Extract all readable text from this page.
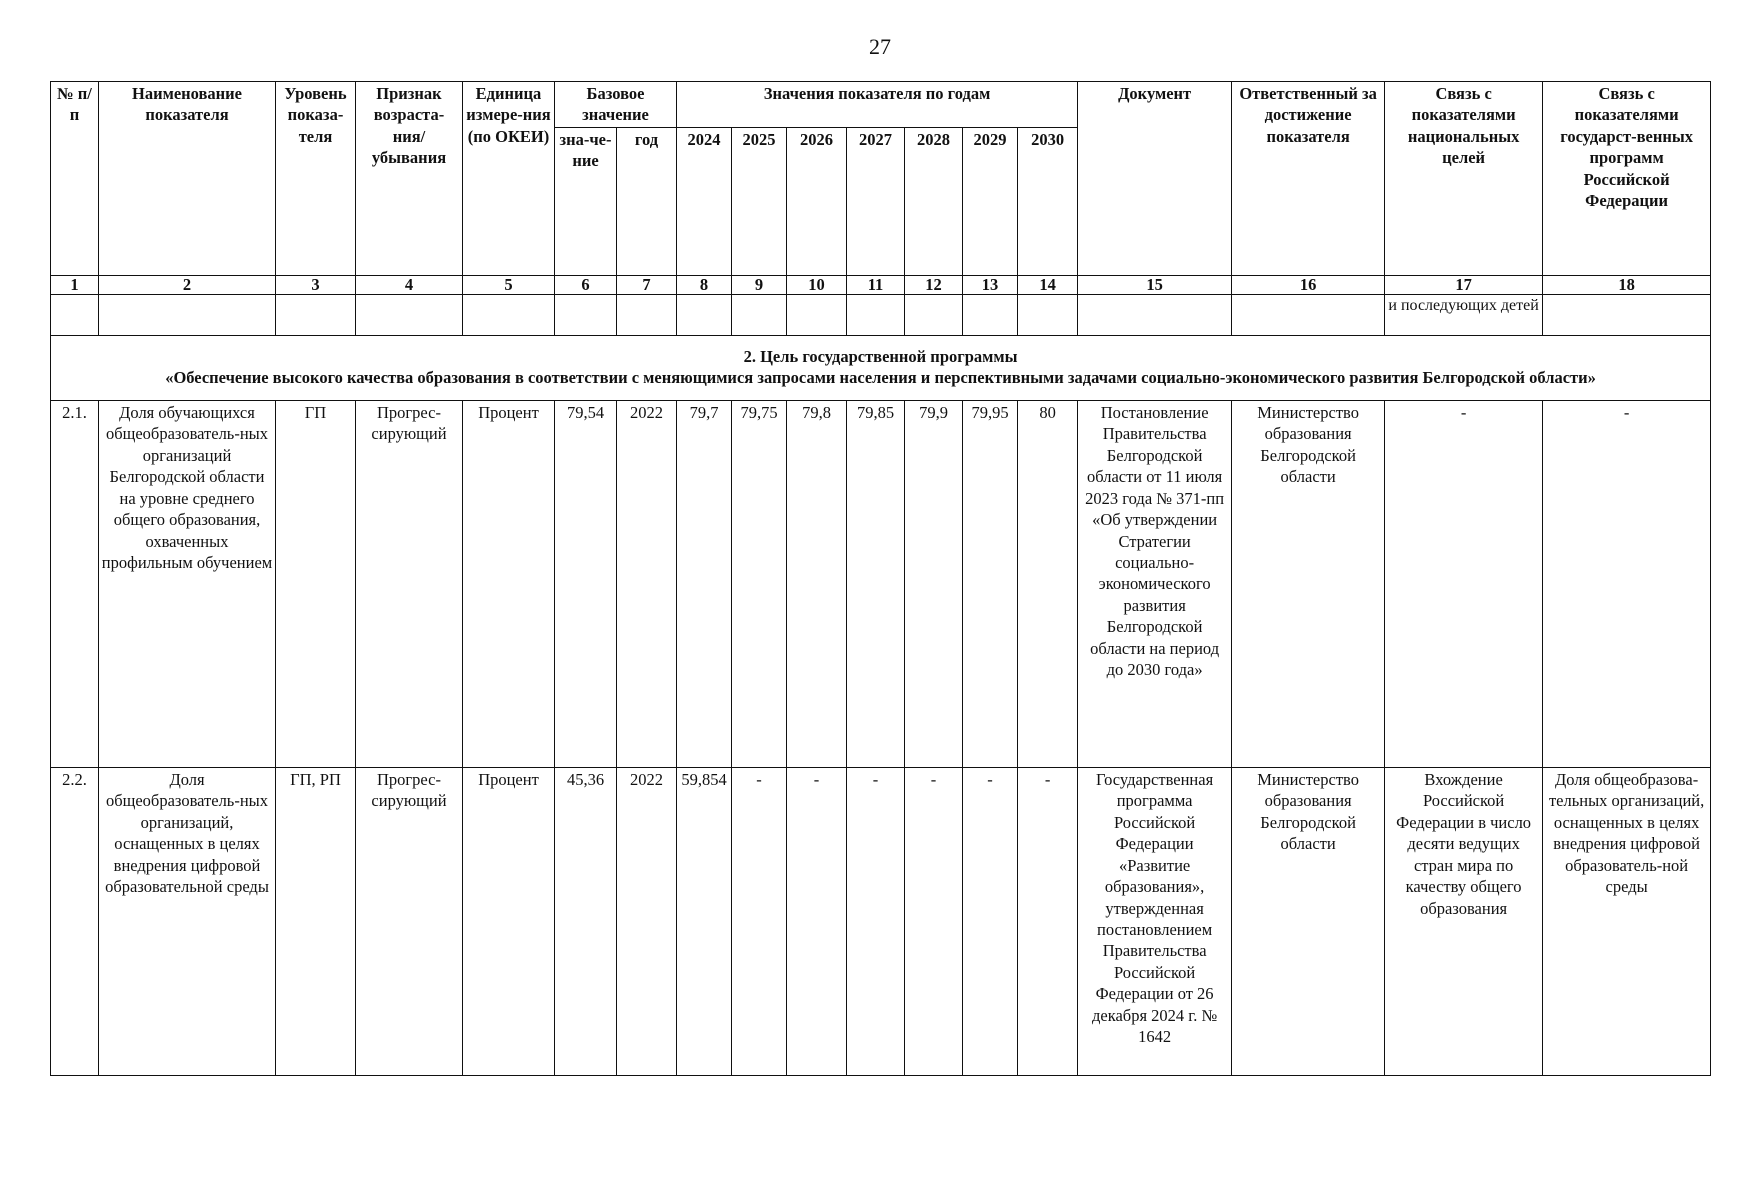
27
№ п/п	Наименование показателя	Уровень показа-теля	Признак возраста-ния/ убывания	Единица измере-ния (по ОКЕИ)	Базовое значение		Значения показателя по годам							Документ	Ответственный за достижение показателя	Связь с показателями национальных целей	Связь с показателями государст-венных программ Российской Федерации
					зна-че-ние	год	2024	2025	2026	2027	2028	2029	2030				
1	2	3	4	5	6	7	8	9	10	11	12	13	14	15	16	17	18
																и последующих детей	

2. Цель государственной программы
«Обеспечение высокого качества образования в соответствии с меняющимися запросами населения и перспективными задачами социально-экономического развития Белгородской области»																	

2.1.	Доля обучающихся общеобразователь-ных организаций Белгородской области на уровне среднего общего образования, охваченных профильным обучением	ГП	Прогрес-сирующий	Процент	79,54	2022	79,7	79,75	79,8	79,85	79,9	79,95	80	Постановление Правительства Белгородской области от 11 июля 2023 года № 371-пп «Об утверждении Стратегии социально-экономического развития Белгородской области на период до 2030 года»	Министерство образования Белгородской области	-	-
2.2.	Доля общеобразователь-ных организаций, оснащенных в целях внедрения цифровой образовательной среды	ГП, РП	Прогрес-сирующий	Процент	45,36	2022	59,854	-	-	-	-	-	-	Государственная программа Российской Федерации «Развитие образования», утвержденная постановлением Правительства Российской Федерации от 26 декабря 2024 г. № 1642	Министерство образования Белгородской области	Вхождение Российской Федерации в число десяти ведущих стран мира по качеству общего образования	Доля общеобразова-тельных организаций, оснащенных в целях внедрения цифровой образователь-ной среды
